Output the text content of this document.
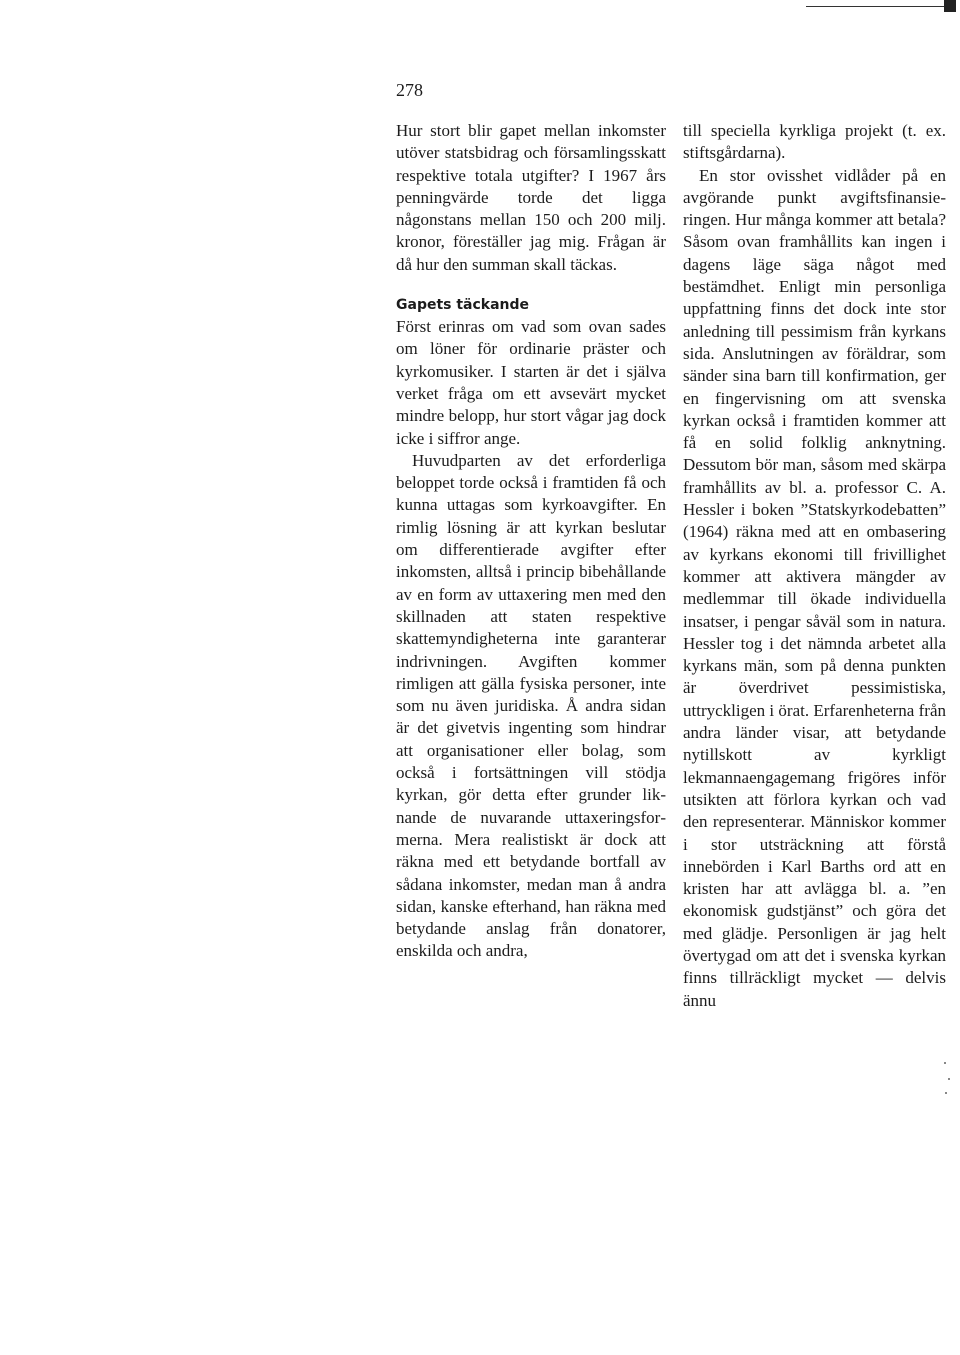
278

Hur stort blir gapet mellan inkomster utöver statsbidrag och församlingsskatt respektive totala utgifter? I 1967 års penningvärde torde det ligga någonstans mellan 150 och 200 milj. kronor, föreställer jag mig. Frågan är då hur den summan skall täckas.

Gapets täckande

Först erinras om vad som ovan sades om löner för ordinarie präster och kyrkomusiker. I starten är det i själva verket fråga om ett avsevärt mycket mindre belopp, hur stort vågar jag dock icke i siffror ange.

Huvudparten av det erforderliga beloppet torde också i framtiden få och kunna uttagas som kyrkoavgifter. En rimlig lösning är att kyrkan beslutar om differentierade avgifter efter inkomsten, alltså i princip bibehållande av en form av uttaxering men med den skillnaden att staten respektive skattemyndigheterna inte garanterar indrivningen. Avgiften kommer rimligen att gälla fysiska personer, inte som nu även juridiska. Å andra sidan är det givetvis ingenting som hindrar att organisationer eller bolag, som också i fortsättningen vill stödja kyrkan, gör detta efter grunder liknande de nuvarande uttaxeringsformerna. Mera realistiskt är dock att räkna med ett betydande bortfall av sådana inkomster, medan man å andra sidan, kanske efterhand, han räkna med betydande anslag från donatorer, enskilda och andra,

till speciella kyrkliga projekt (t. ex. stiftsgårdarna).

En stor ovisshet vidlåder på en avgörande punkt avgiftsfinansieringen. Hur många kommer att betala? Såsom ovan framhållits kan ingen i dagens läge säga något med bestämdhet. Enligt min personliga uppfattning finns det dock inte stor anledning till pessimism från kyrkans sida. Anslutningen av föräldrar, som sänder sina barn till konfirmation, ger en fingervisning om att svenska kyrkan också i framtiden kommer att få en solid folklig anknytning. Dessutom bör man, såsom med skärpa framhållits av bl. a. professor C. A. Hessler i boken ”Statskyrkodebatten” (1964) räkna med att en ombasering av kyrkans ekonomi till frivillighet kommer att aktivera mängder av medlemmar till ökade individuella insatser, i pengar såväl som in natura. Hessler tog i det nämnda arbetet alla kyrkans män, som på denna punkten är överdrivet pessimistiska, uttryckligen i örat. Erfarenheterna från andra länder visar, att betydande nytillskott av kyrkligt lekmannaengagemang frigöres inför utsikten att förlora kyrkan och vad den representerar. Människor kommer i stor utsträckning att förstå innebörden i Karl Barths ord att en kristen har att avlägga bl. a. ”en ekonomisk gudstjänst” och göra det med glädje. Personligen är jag helt övertygad om att det i svenska kyrkan finns tillräckligt mycket — delvis ännu
